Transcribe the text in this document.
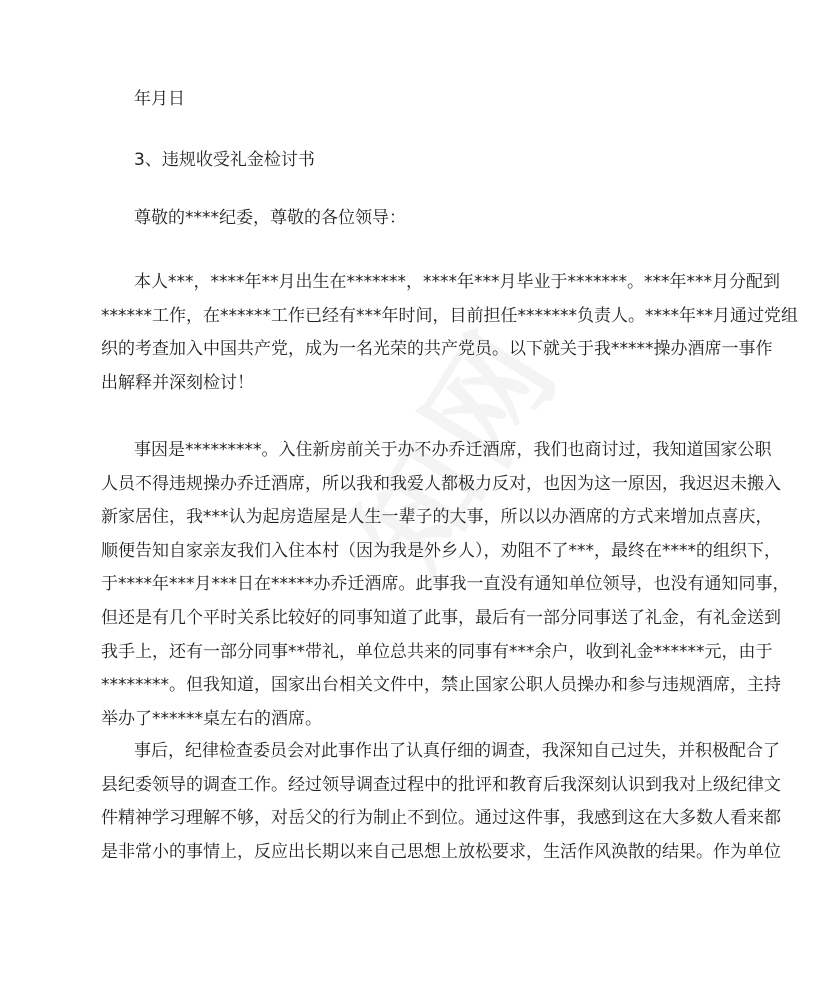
年月日
3、违规收受礼金检讨书
尊敬的****纪委，尊敬的各位领导：
本人***，****年**月出生在*******，****年***月毕业于*******。***年***月分配到
******工作，在******工作已经有***年时间，目前担任*******负责人。****年**月通过党组
织的考查加入中国共产党，成为一名光荣的共产党员。以下就关于我*****操办酒席一事作
出解释并深刻检讨！
事因是*********。入住新房前关于办不办乔迁酒席，我们也商讨过，我知道国家公职
人员不得违规操办乔迁酒席，所以我和我爱人都极力反对，也因为这一原因，我迟迟未搬入
新家居住，我***认为起房造屋是人生一辈子的大事，所以以办酒席的方式来增加点喜庆，
顺便告知自家亲友我们入住本村（因为我是外乡人），劝阻不了***，最终在****的组织下，
于****年***月***日在*****办乔迁酒席。此事我一直没有通知单位领导，也没有通知同事，
但还是有几个平时关系比较好的同事知道了此事，最后有一部分同事送了礼金，有礼金送到
我手上，还有一部分同事**带礼，单位总共来的同事有***余户，收到礼金******元，由于
********。但我知道，国家出台相关文件中，禁止国家公职人员操办和参与违规酒席，主持
举办了******桌左右的酒席。
事后，纪律检查委员会对此事作出了认真仔细的调查，我深知自己过失，并积极配合了
县纪委领导的调查工作。经过领导调查过程中的批评和教育后我深刻认识到我对上级纪律文
件精神学习理解不够，对岳父的行为制止不到位。通过这件事，我感到这在大多数人看来都
是非常小的事情上，反应出长期以来自己思想上放松要求，生活作风涣散的结果。作为单位
